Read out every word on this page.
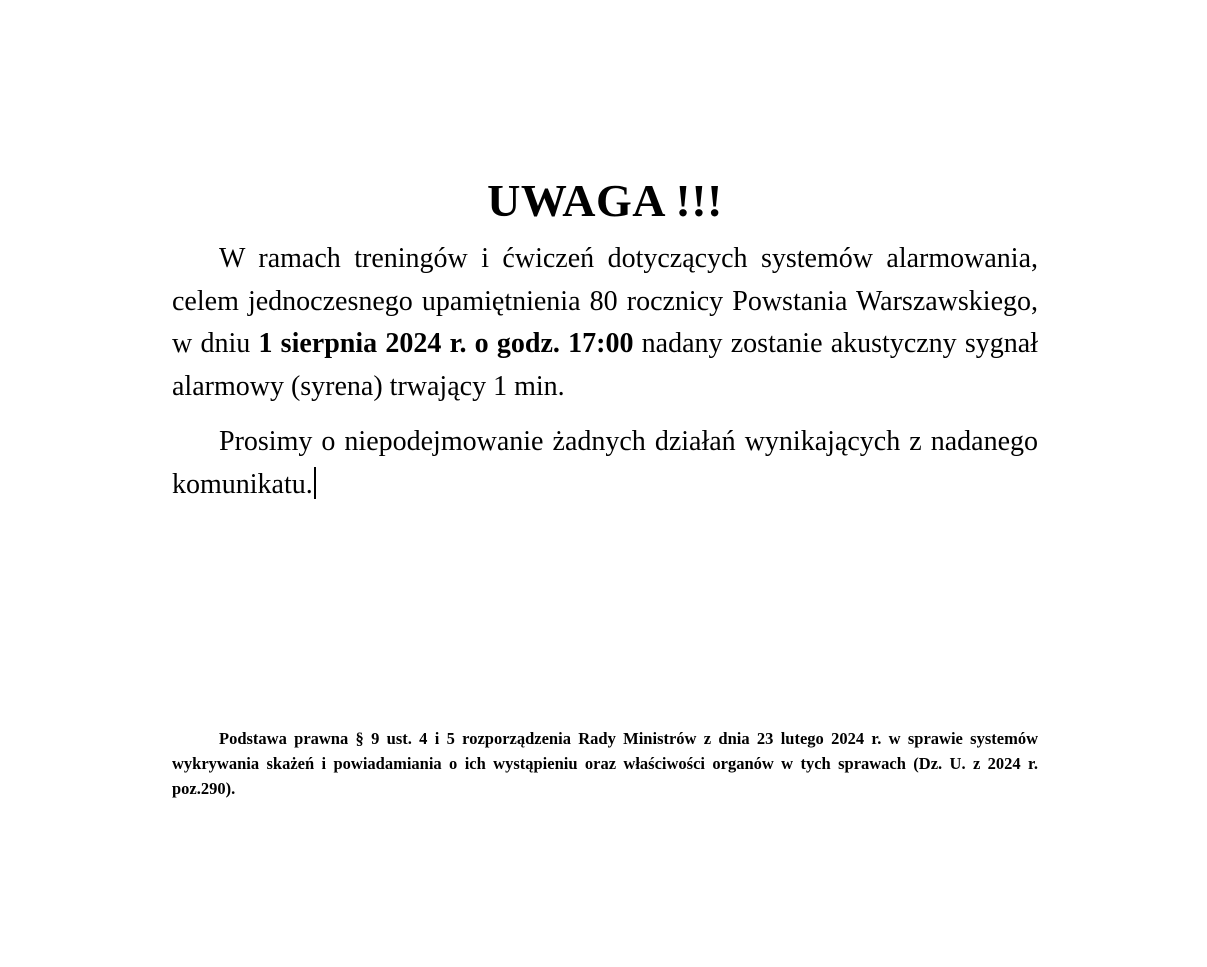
UWAGA !!!

W ramach treningów i ćwiczeń dotyczących systemów alarmowania, celem jednoczesnego upamiętnienia 80 rocznicy Powstania Warszawskiego, w dniu 1 sierpnia 2024 r. o godz. 17:00 nadany zostanie akustyczny sygnał alarmowy (syrena) trwający 1 min.

Prosimy o niepodejmowanie żadnych działań wynikających z nadanego komunikatu.

Podstawa prawna § 9 ust. 4 i 5 rozporządzenia Rady Ministrów z dnia 23 lutego 2024 r. w sprawie systemów wykrywania skażeń i powiadamiania o ich wystąpieniu oraz właściwości organów w tych sprawach (Dz. U. z 2024 r. poz.290).
